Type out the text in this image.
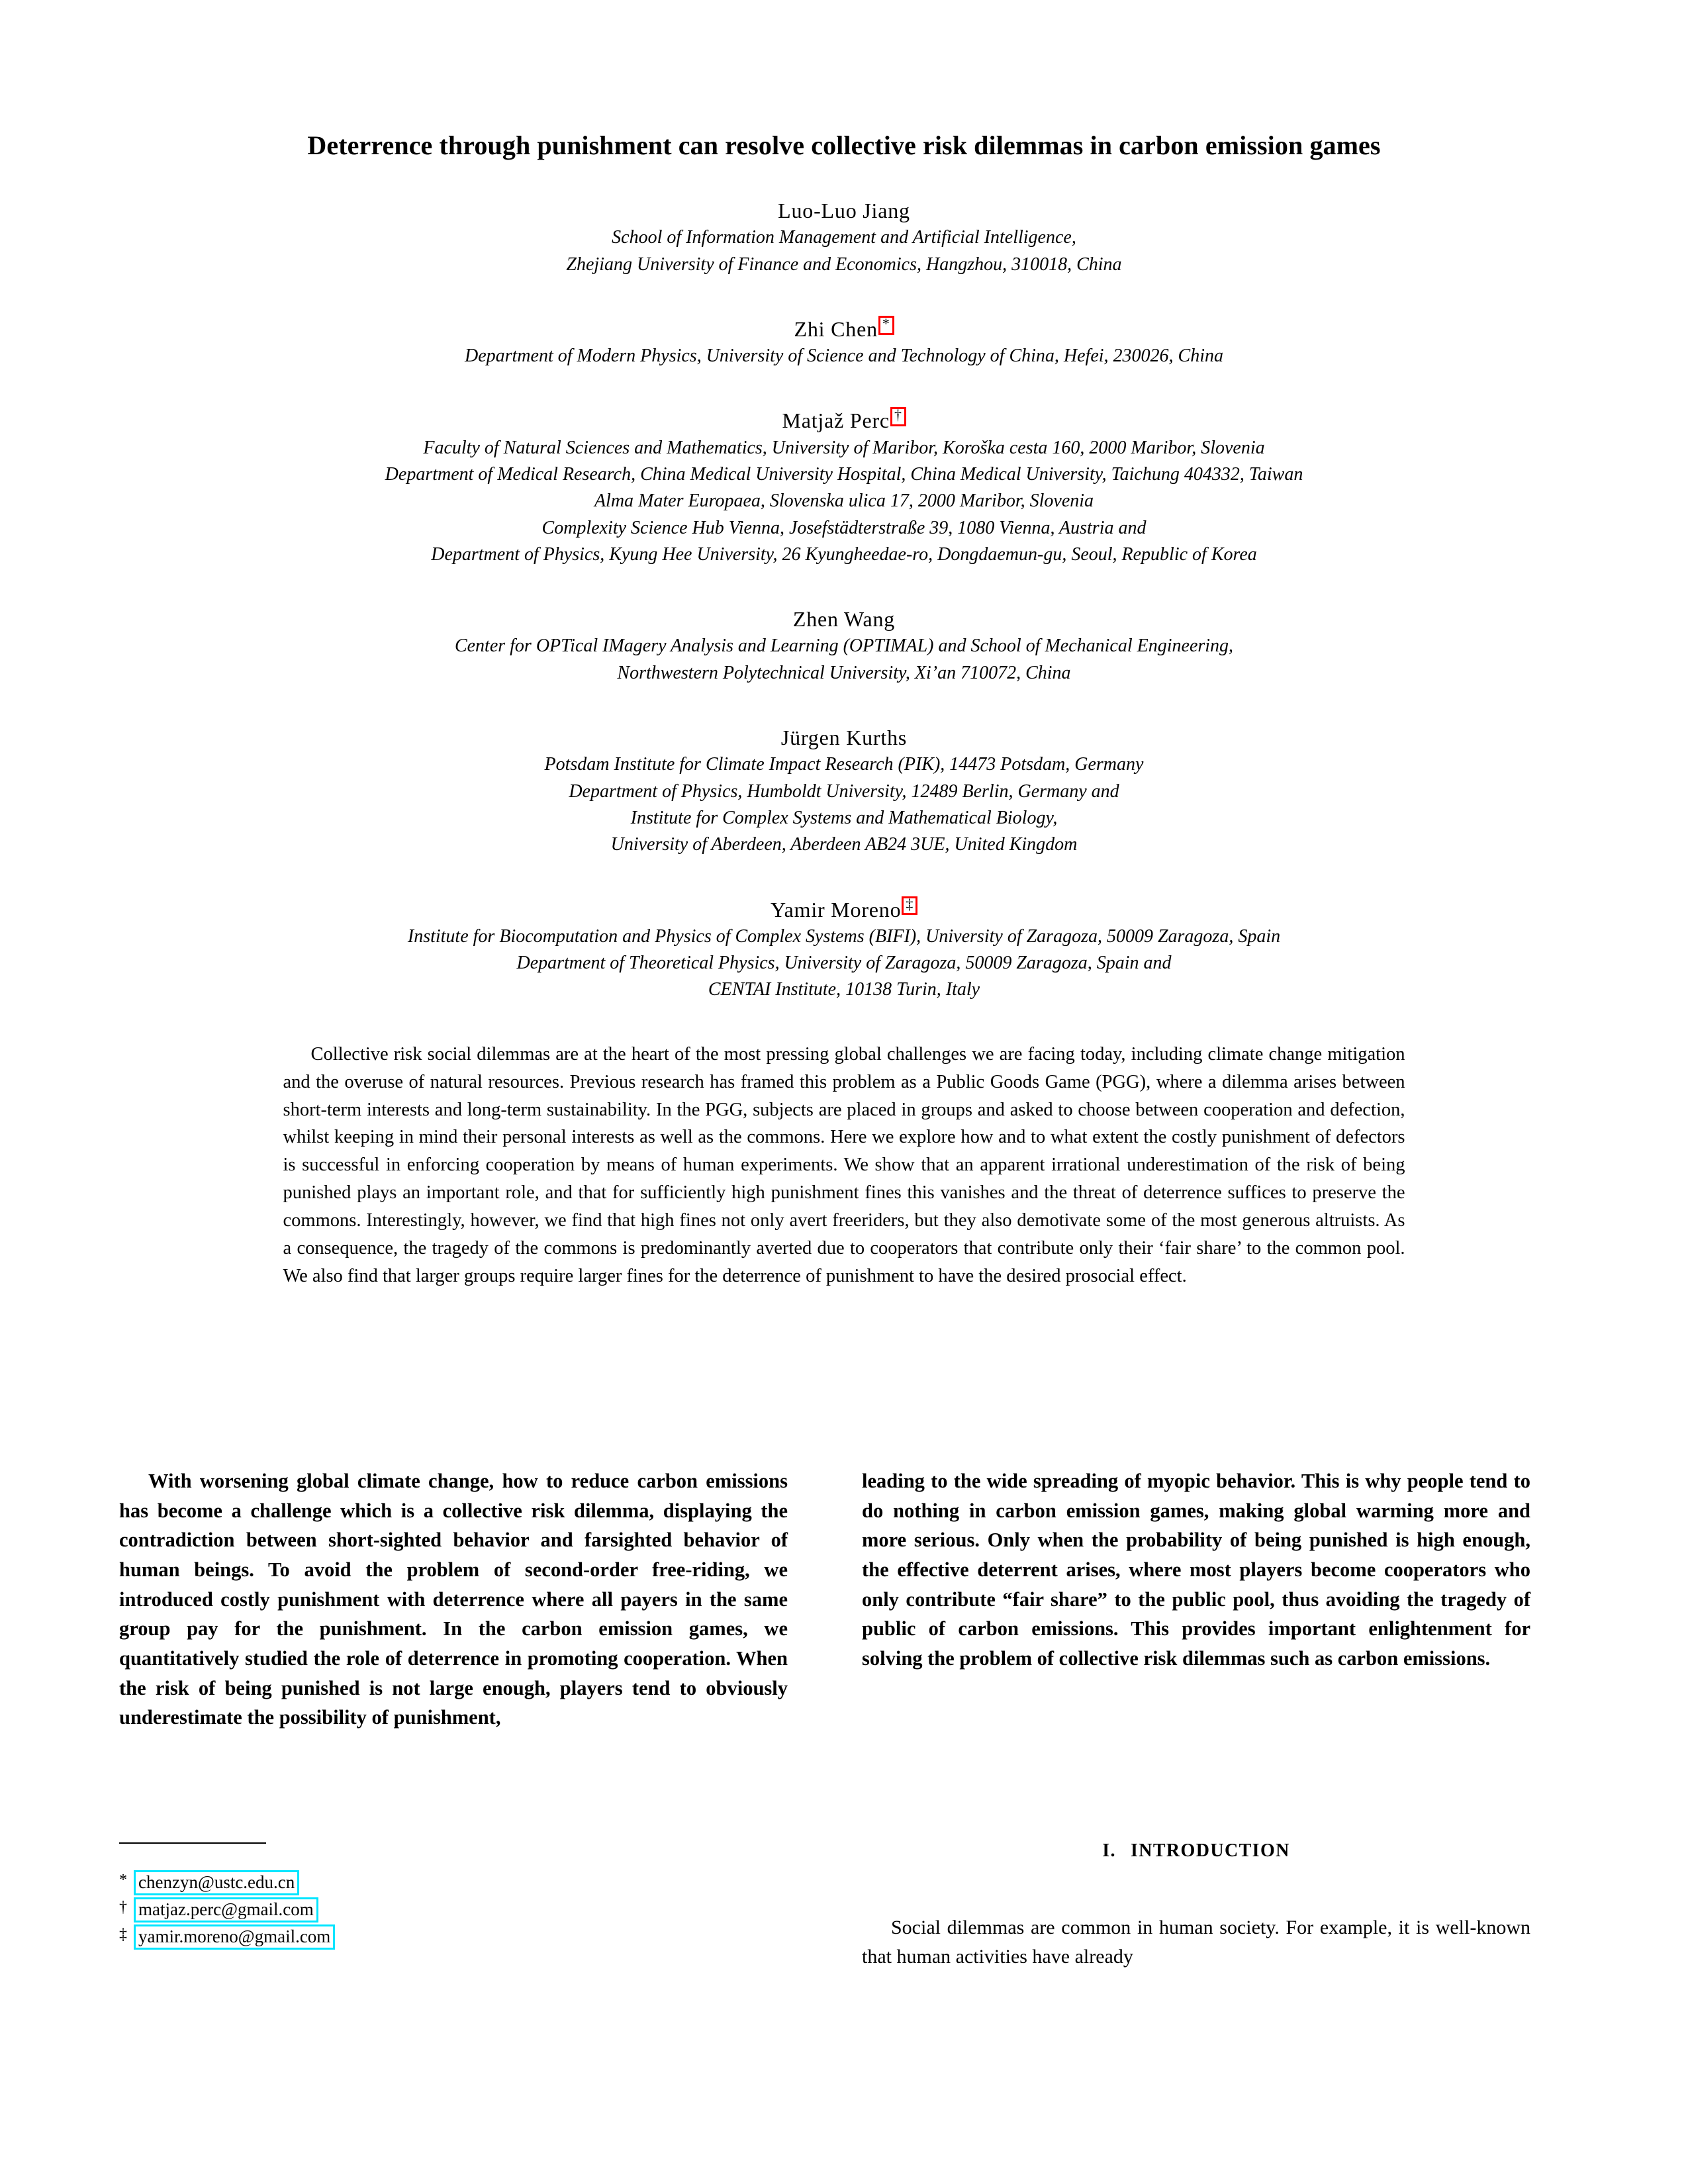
Deterrence through punishment can resolve collective risk dilemmas in carbon emission games
Luo-Luo Jiang
School of Information Management and Artificial Intelligence,
Zhejiang University of Finance and Economics, Hangzhou, 310018, China
Zhi Chen *
Department of Modern Physics, University of Science and Technology of China, Hefei, 230026, China
Matjaž Perc †
Faculty of Natural Sciences and Mathematics, University of Maribor, Koroška cesta 160, 2000 Maribor, Slovenia
Department of Medical Research, China Medical University Hospital, China Medical University, Taichung 404332, Taiwan
Alma Mater Europaea, Slovenska ulica 17, 2000 Maribor, Slovenia
Complexity Science Hub Vienna, Josefstädterstraße 39, 1080 Vienna, Austria and
Department of Physics, Kyung Hee University, 26 Kyungheedae-ro, Dongdaemun-gu, Seoul, Republic of Korea
Zhen Wang
Center for OPTical IMagery Analysis and Learning (OPTIMAL) and School of Mechanical Engineering,
Northwestern Polytechnical University, Xi’an 710072, China
Jürgen Kurths
Potsdam Institute for Climate Impact Research (PIK), 14473 Potsdam, Germany
Department of Physics, Humboldt University, 12489 Berlin, Germany and
Institute for Complex Systems and Mathematical Biology,
University of Aberdeen, Aberdeen AB24 3UE, United Kingdom
Yamir Moreno ‡
Institute for Biocomputation and Physics of Complex Systems (BIFI), University of Zaragoza, 50009 Zaragoza, Spain
Department of Theoretical Physics, University of Zaragoza, 50009 Zaragoza, Spain and
CENTAI Institute, 10138 Turin, Italy

Collective risk social dilemmas are at the heart of the most pressing global challenges we are facing today, including climate change mitigation and the overuse of natural resources. Previous research has framed this problem as a Public Goods Game (PGG), where a dilemma arises between short-term interests and long-term sustainability. In the PGG, subjects are placed in groups and asked to choose between cooperation and defection, whilst keeping in mind their personal interests as well as the commons. Here we explore how and to what extent the costly punishment of defectors is successful in enforcing cooperation by means of human experiments. We show that an apparent irrational underestimation of the risk of being punished plays an important role, and that for sufficiently high punishment fines this vanishes and the threat of deterrence suffices to preserve the commons. Interestingly, however, we find that high fines not only avert freeriders, but they also demotivate some of the most generous altruists. As a consequence, the tragedy of the commons is predominantly averted due to cooperators that contribute only their ‘fair share’ to the common pool. We also find that larger groups require larger fines for the deterrence of punishment to have the desired prosocial effect.

With worsening global climate change, how to reduce carbon emissions has become a challenge which is a collective risk dilemma, displaying the contradiction between short-sighted behavior and farsighted behavior of human beings. To avoid the problem of second-order free-riding, we introduced costly punishment with deterrence where all payers in the same group pay for the punishment. In the carbon emission games, we quantitatively studied the role of deterrence in promoting cooperation. When the risk of being punished is not large enough, players tend to obviously underestimate the possibility of punishment,

leading to the wide spreading of myopic behavior. This is why people tend to do nothing in carbon emission games, making global warming more and more serious. Only when the probability of being punished is high enough, the effective deterrent arises, where most players become cooperators who only contribute “fair share” to the public pool, thus avoiding the tragedy of public of carbon emissions. This provides important enlightenment for solving the problem of collective risk dilemmas such as carbon emissions.

* chenzyn@ustc.edu.cn
† matjaz.perc@gmail.com
‡ yamir.moreno@gmail.com
I. INTRODUCTION

Social dilemmas are common in human society. For example, it is well-known that human activities have already
